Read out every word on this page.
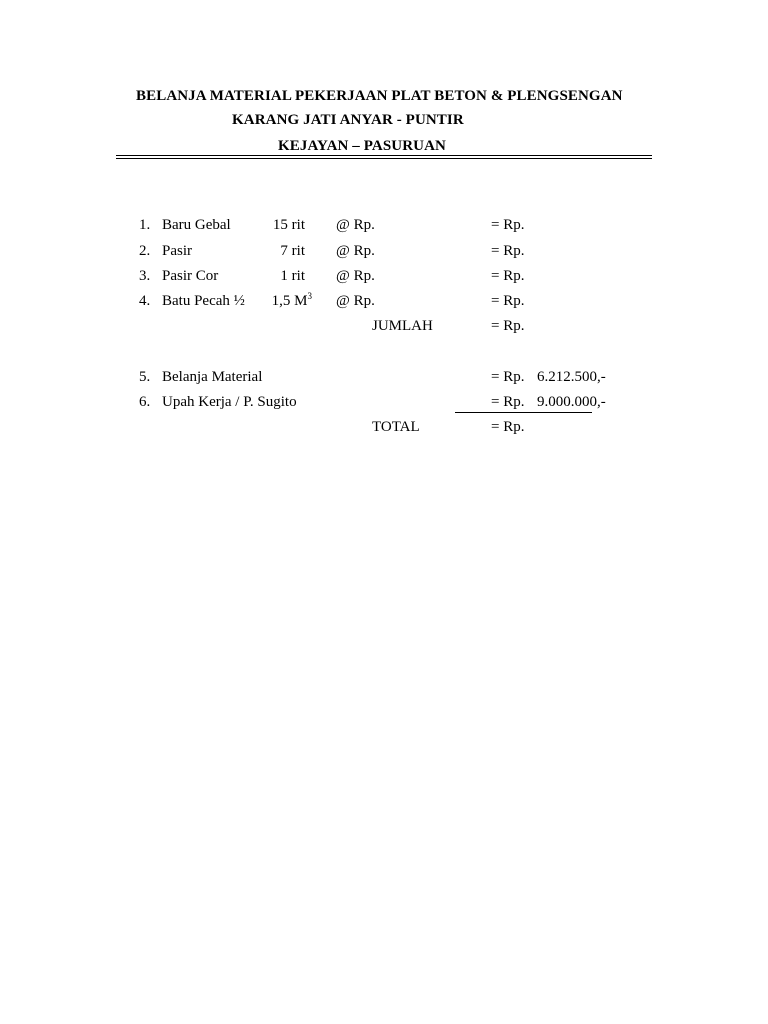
BELANJA MATERIAL PEKERJAAN PLAT BETON & PLENGSENGAN
KARANG JATI ANYAR - PUNTIR
KEJAYAN – PASURUAN
1. Baru Gebal	15 rit @ Rp.	= Rp.
2. Pasir	7 rit @ Rp.	= Rp.
3. Pasir Cor	1 rit @ Rp.	= Rp.
4. Batu Pecah ½	1,5 $M^3$ @ Rp.	= Rp.
JUMLAH	= Rp.
5. Belanja Material	= Rp. 6.212.500,-
6. Upah Kerja / P. Sugito	= Rp. 9.000.000,-
TOTAL	= Rp.
